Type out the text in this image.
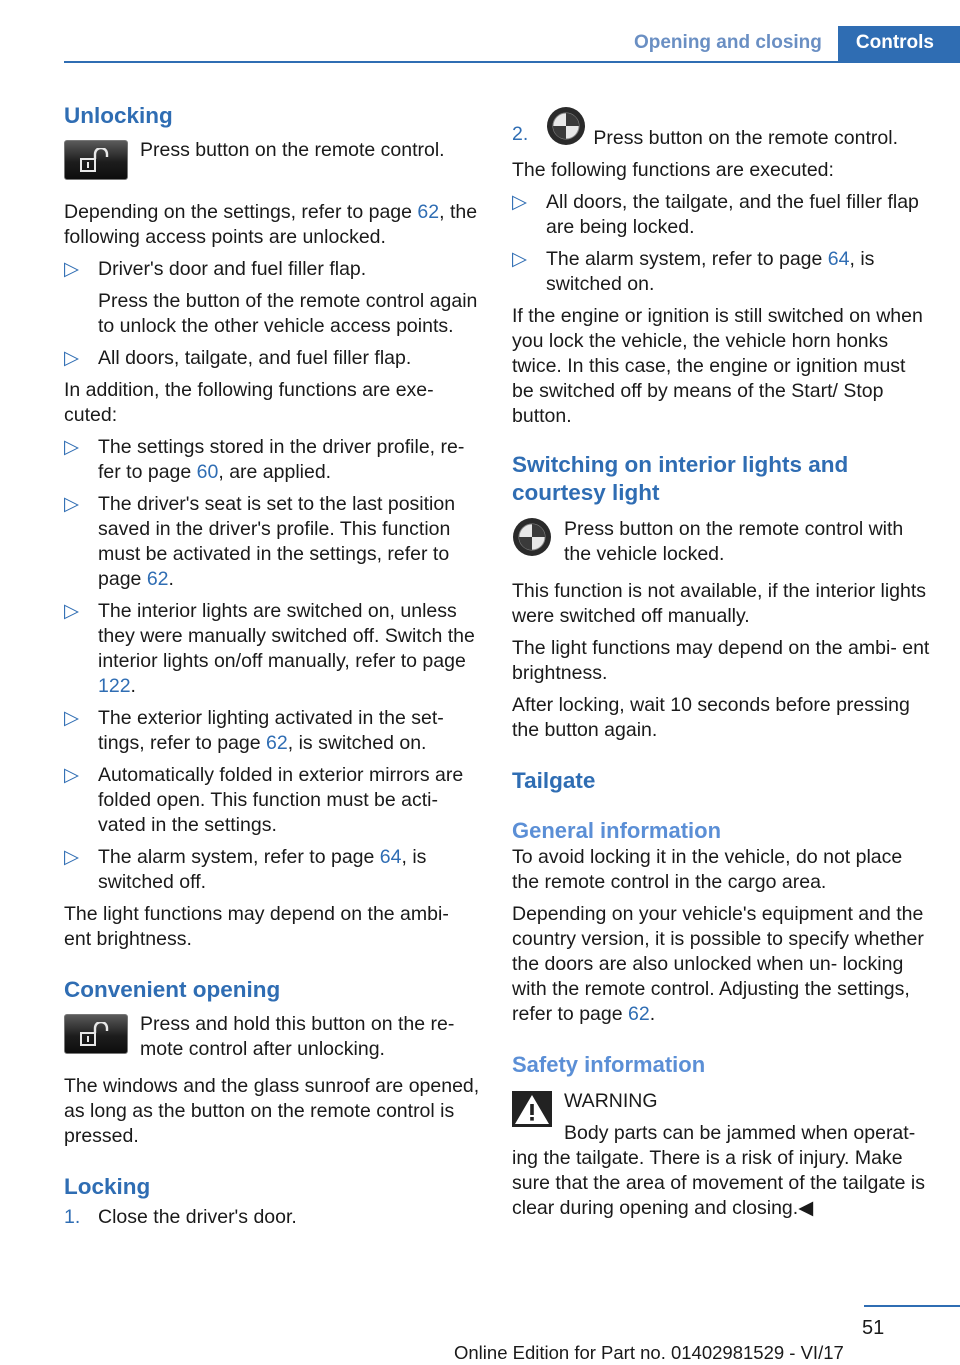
Opening and closing	Controls
Unlocking
Press button on the remote control.

Depending on the settings, refer to page 62, the following access points are unlocked.

▷ Driver's door and fuel filler flap.
Press the button of the remote control again to unlock the other vehicle access points.
▷ All doors, tailgate, and fuel filler flap.

In addition, the following functions are exe‐ cuted:

▷ The settings stored in the driver profile, re‐ fer to page 60, are applied.
▷ The driver's seat is set to the last position saved in the driver's profile. This function must be activated in the settings, refer to page 62.
▷ The interior lights are switched on, unless they were manually switched off. Switch the interior lights on/off manually, refer to page 122.
▷ The exterior lighting activated in the set‐ tings, refer to page 62, is switched on.
▷ Automatically folded in exterior mirrors are folded open. This function must be acti‐ vated in the settings.
▷ The alarm system, refer to page 64, is switched off.

The light functions may depend on the ambi‐ ent brightness.

Convenient opening
Press and hold this button on the re‐ mote control after unlocking.

The windows and the glass sunroof are opened, as long as the button on the remote control is pressed.

Locking
1. Close the driver's door.
2.	Press button on the remote control.

The following functions are executed:

▷ All doors, the tailgate, and the fuel filler flap are being locked.
▷ The alarm system, refer to page 64, is switched on.

If the engine or ignition is still switched on when you lock the vehicle, the vehicle horn honks twice. In this case, the engine or ignition must be switched off by means of the Start/ Stop button.

Switching on interior lights and courtesy light
Press button on the remote control with the vehicle locked.

This function is not available, if the interior lights were switched off manually.

The light functions may depend on the ambi‐ ent brightness.

After locking, wait 10 seconds before pressing the button again.

Tailgate
General information

To avoid locking it in the vehicle, do not place the remote control in the cargo area.

Depending on your vehicle's equipment and the country version, it is possible to specify whether the doors are also unlocked when un‐ locking with the remote control. Adjusting the settings, refer to page 62.

Safety information
WARNING
Body parts can be jammed when operat‐ ing the tailgate. There is a risk of injury. Make sure that the area of movement of the tailgate is clear during opening and closing.◀
51
Online Edition for Part no. 01402981529 - VI/17
